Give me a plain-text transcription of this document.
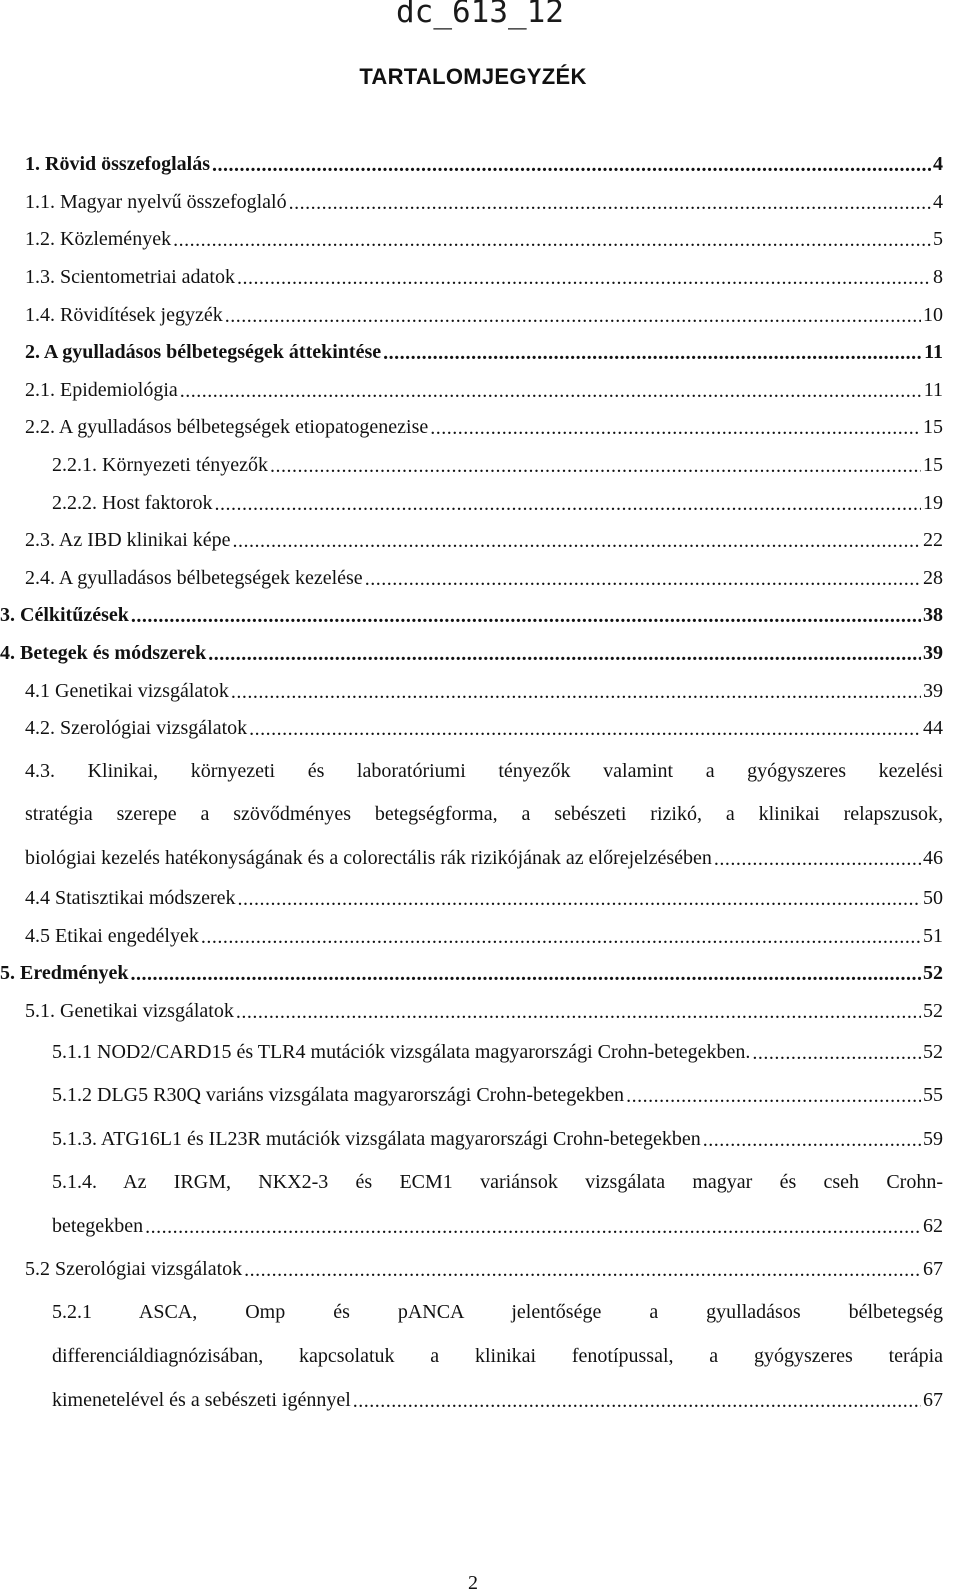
dc_613_12
TARTALOMJEGYZÉK
1. Rövid összefoglalás .....	4
1.1. Magyar nyelvű összefoglaló .....	4
1.2. Közlemények .....	5
1.3. Scientometriai adatok .....	8
1.4. Rövidítések jegyzék .....	10
2. A gyulladásos bélbetegségek áttekintése .....	11
2.1. Epidemiológia .....	11
2.2. A gyulladásos bélbetegségek etiopatogenezise .....	15
2.2.1. Környezeti tényezők .....	15
2.2.2. Host faktorok .....	19
2.3. Az IBD klinikai képe .....	22
2.4. A gyulladásos bélbetegségek kezelése .....	28
3. Célkitűzések .....	38
4. Betegek és módszerek .....	39
4.1 Genetikai vizsgálatok .....	39
4.2. Szerológiai vizsgálatok .....	44
4.3. Klinikai, környezeti és laboratóriumi tényezők valamint a gyógyszeres kezelési
stratégia szerepe a szövődményes betegségforma, a sebészeti rizikó, a klinikai relapszusok,
biológiai kezelés hatékonyságának és a colorectális rák rizikójának az előrejelzésében .....	46
4.4 Statisztikai módszerek .....	50
4.5 Etikai engedélyek .....	51
5. Eredmények .....	52
5.1. Genetikai vizsgálatok .....	52
5.1.1 NOD2/CARD15 és TLR4 mutációk vizsgálata magyarországi Crohn-betegekben. .....	52
5.1.2 DLG5 R30Q variáns vizsgálata magyarországi Crohn-betegekben .....	55
5.1.3. ATG16L1 és IL23R mutációk vizsgálata magyarországi Crohn-betegekben .....	59
5.1.4. Az IRGM, NKX2-3 és ECM1 variánsok vizsgálata magyar és cseh Crohn-
betegekben .....	62
5.2 Szerológiai vizsgálatok .....	67
5.2.1 ASCA, Omp és pANCA jelentősége a gyulladásos bélbetegség
differenciáldiagnózisában, kapcsolatuk a klinikai fenotípussal, a gyógyszeres terápia
kimenetelével és a sebészeti igénnyel .....	67
2
